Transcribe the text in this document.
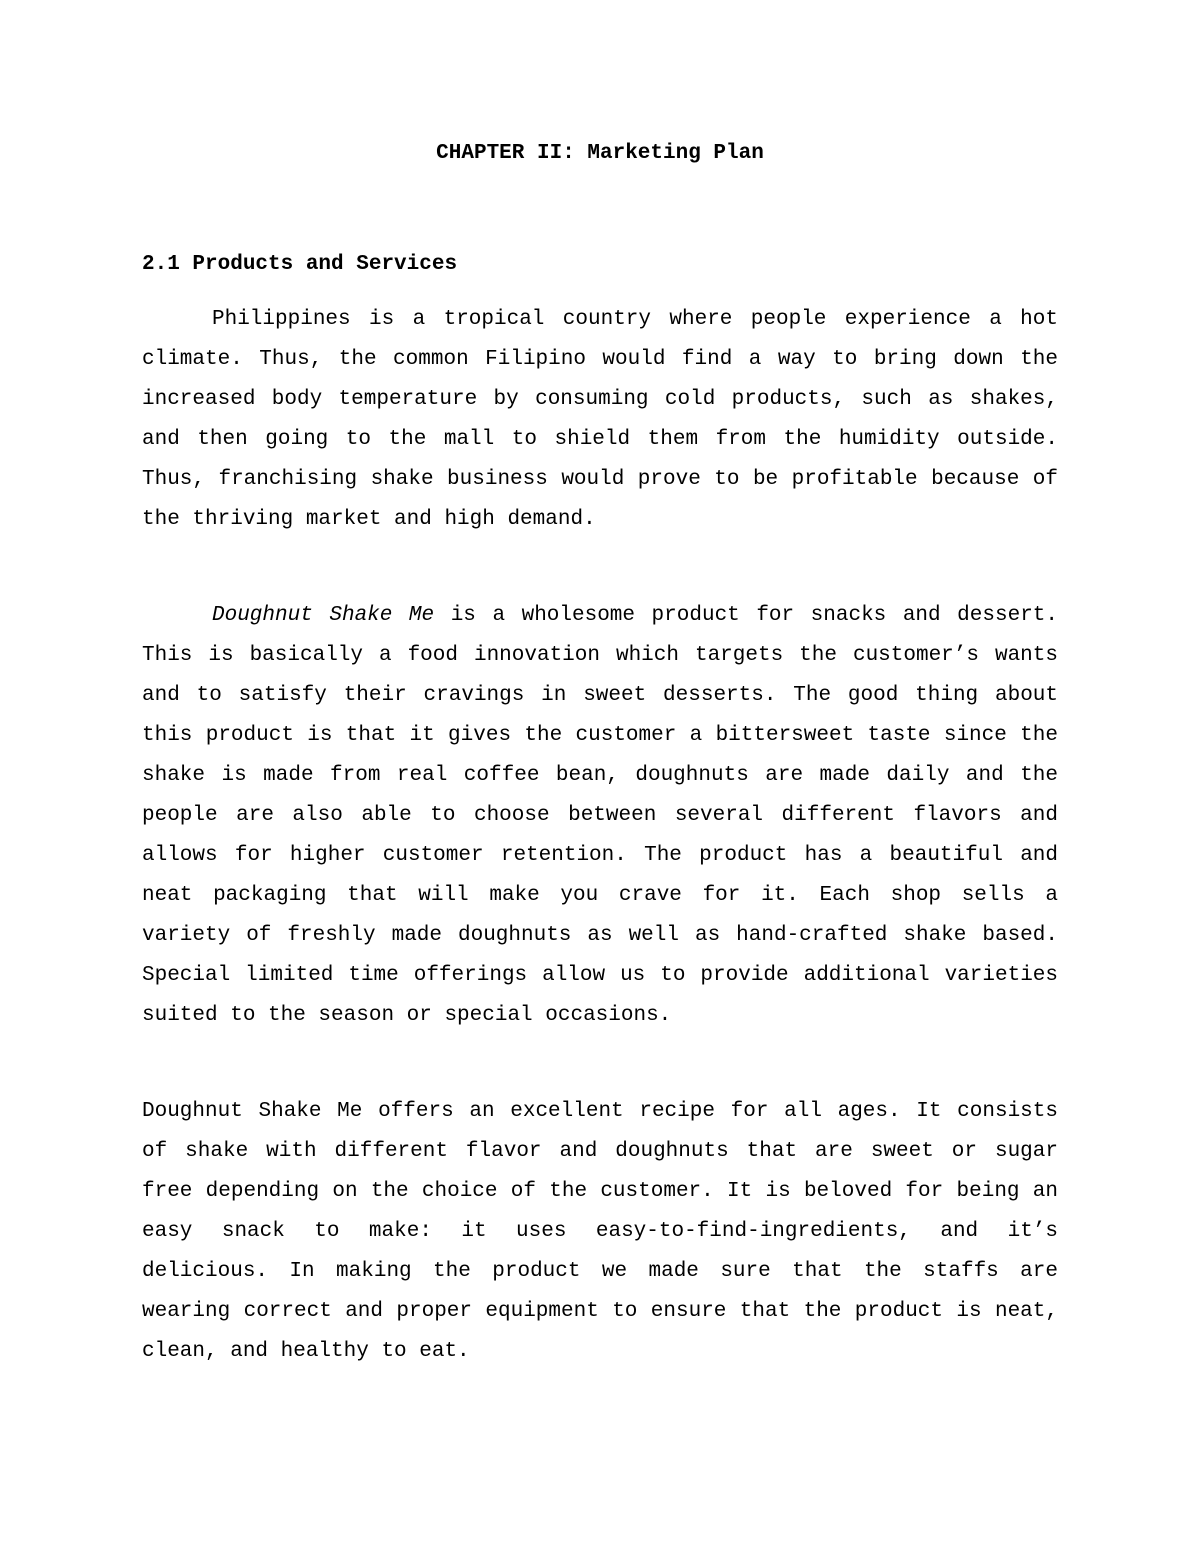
CHAPTER II: Marketing Plan
2.1 Products and Services

Philippines is a tropical country where people experience a hot climate. Thus, the common Filipino would find a way to bring down the increased body temperature by consuming cold products, such as shakes, and then going to the mall to shield them from the humidity outside. Thus, franchising shake business would prove to be profitable because of the thriving market and high demand.

Doughnut Shake Me is a wholesome product for snacks and dessert. This is basically a food innovation which targets the customer’s wants and to satisfy their cravings in sweet desserts. The good thing about this product is that it gives the customer a bittersweet taste since the shake is made from real coffee bean, doughnuts are made daily and the people are also able to choose between several different flavors and allows for higher customer retention. The product has a beautiful and neat packaging that will make you crave for it. Each shop sells a variety of freshly made doughnuts as well as hand-crafted shake based. Special limited time offerings allow us to provide additional varieties suited to the season or special occasions.

Doughnut Shake Me offers an excellent recipe for all ages. It consists of shake with different flavor and doughnuts that are sweet or sugar free depending on the choice of the customer. It is beloved for being an easy snack to make: it uses easy-to-find-ingredients, and it’s delicious. In making the product we made sure that the staffs are wearing correct and proper equipment to ensure that the product is neat, clean, and healthy to eat.
